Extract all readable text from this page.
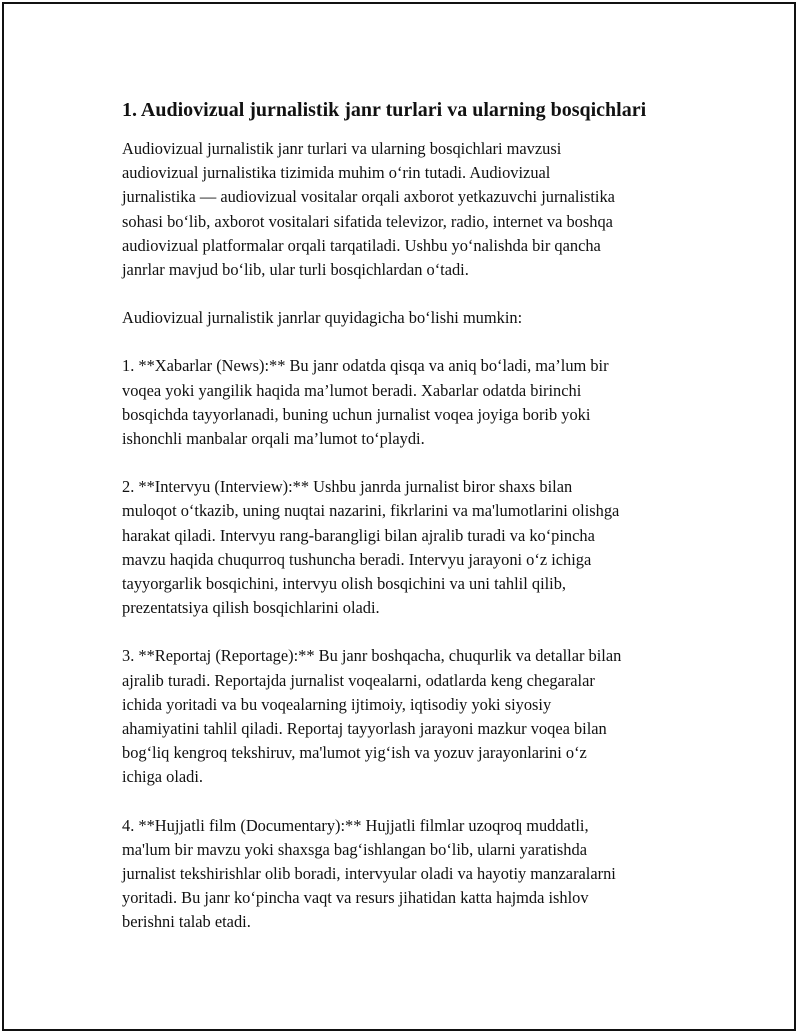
1. Audiovizual jurnalistik janr turlari va ularning bosqichlari

Audiovizual jurnalistik janr turlari va ularning bosqichlari mavzusi
audiovizual jurnalistika tizimida muhim o‘rin tutadi. Audiovizual
jurnalistika — audiovizual vositalar orqali axborot yetkazuvchi jurnalistika
sohasi bo‘lib, axborot vositalari sifatida televizor, radio, internet va boshqa
audiovizual platformalar orqali tarqatiladi. Ushbu yo‘nalishda bir qancha
janrlar mavjud bo‘lib, ular turli bosqichlardan o‘tadi.

Audiovizual jurnalistik janrlar quyidagicha bo‘lishi mumkin:

1. **Xabarlar (News):** Bu janr odatda qisqa va aniq bo‘ladi, ma’lum bir
voqea yoki yangilik haqida ma’lumot beradi. Xabarlar odatda birinchi
bosqichda tayyorlanadi, buning uchun jurnalist voqea joyiga borib yoki
ishonchli manbalar orqali ma’lumot to‘playdi.

2. **Intervyu (Interview):** Ushbu janrda jurnalist biror shaxs bilan
muloqot o‘tkazib, uning nuqtai nazarini, fikrlarini va ma'lumotlarini olishga
harakat qiladi. Intervyu rang-barangligi bilan ajralib turadi va ko‘pincha
mavzu haqida chuqurroq tushuncha beradi. Intervyu jarayoni o‘z ichiga
tayyorgarlik bosqichini, intervyu olish bosqichini va uni tahlil qilib,
prezentatsiya qilish bosqichlarini oladi.

3. **Reportaj (Reportage):** Bu janr boshqacha, chuqurlik va detallar bilan
ajralib turadi. Reportajda jurnalist voqealarni, odatlarda keng chegaralar
ichida yoritadi va bu voqealarning ijtimoiy, iqtisodiy yoki siyosiy
ahamiyatini tahlil qiladi. Reportaj tayyorlash jarayoni mazkur voqea bilan
bog‘liq kengroq tekshiruv, ma'lumot yig‘ish va yozuv jarayonlarini o‘z
ichiga oladi.

4. **Hujjatli film (Documentary):** Hujjatli filmlar uzoqroq muddatli,
ma'lum bir mavzu yoki shaxsga bag‘ishlangan bo‘lib, ularni yaratishda
jurnalist tekshirishlar olib boradi, intervyular oladi va hayotiy manzaralarni
yoritadi. Bu janr ko‘pincha vaqt va resurs jihatidan katta hajmda ishlov
berishni talab etadi.
